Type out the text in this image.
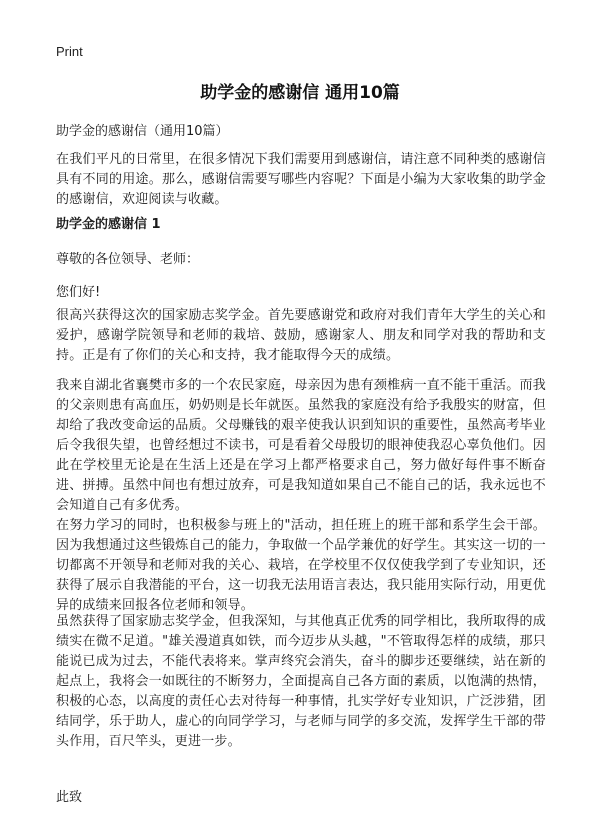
Print
助学金的感谢信 通用10篇

助学金的感谢信（通用10篇）

在我们平凡的日常里，在很多情况下我们需要用到感谢信，请注意不同种类的感谢信具有不同的用途。那么，感谢信需要写哪些内容呢？下面是小编为大家收集的助学金的感谢信，欢迎阅读与收藏。

助学金的感谢信 1

尊敬的各位领导、老师：

您们好!

很高兴获得这次的国家励志奖学金。首先要感谢党和政府对我们青年大学生的关心和爱护，感谢学院领导和老师的栽培、鼓励，感谢家人、朋友和同学对我的帮助和支持。正是有了你们的关心和支持，我才能取得今天的成绩。

我来自湖北省襄樊市多的一个农民家庭，母亲因为患有颈椎病一直不能干重活。而我的父亲则患有高血压，奶奶则是长年就医。虽然我的家庭没有给予我殷实的财富，但却给了我改变命运的品质。父母赚钱的艰辛使我认识到知识的重要性，虽然高考毕业后令我很失望，也曾经想过不读书，可是看着父母殷切的眼神使我忍心辜负他们。因此在学校里无论是在生活上还是在学习上都严格要求自己，努力做好每件事不断奋进、拼搏。虽然中间也有想过放弃，可是我知道如果自己不能自己的话，我永远也不会知道自己有多优秀。

在努力学习的同时，也积极参与班上的"活动，担任班上的班干部和系学生会干部。因为我想通过这些锻炼自己的能力，争取做一个品学兼优的好学生。其实这一切的一切都离不开领导和老师对我的关心、栽培，在学校里不仅仅使我学到了专业知识，还获得了展示自我潜能的平台，这一切我无法用语言表达，我只能用实际行动，用更优异的成绩来回报各位老师和领导。

虽然获得了国家励志奖学金，但我深知，与其他真正优秀的同学相比，我所取得的成绩实在微不足道。"雄关漫道真如铁，而今迈步从头越，"不管取得怎样的成绩，那只能说已成为过去，不能代表将来。掌声终究会消失，奋斗的脚步还要继续，站在新的起点上，我将会一如既往的不断努力，全面提高自己各方面的素质，以饱满的热情，积极的心态，以高度的责任心去对待每一种事情，扎实学好专业知识，广泛涉猎，团结同学，乐于助人，虚心的向同学学习，与老师与同学的多交流，发挥学生干部的带头作用，百尺竿头，更进一步。

此致
